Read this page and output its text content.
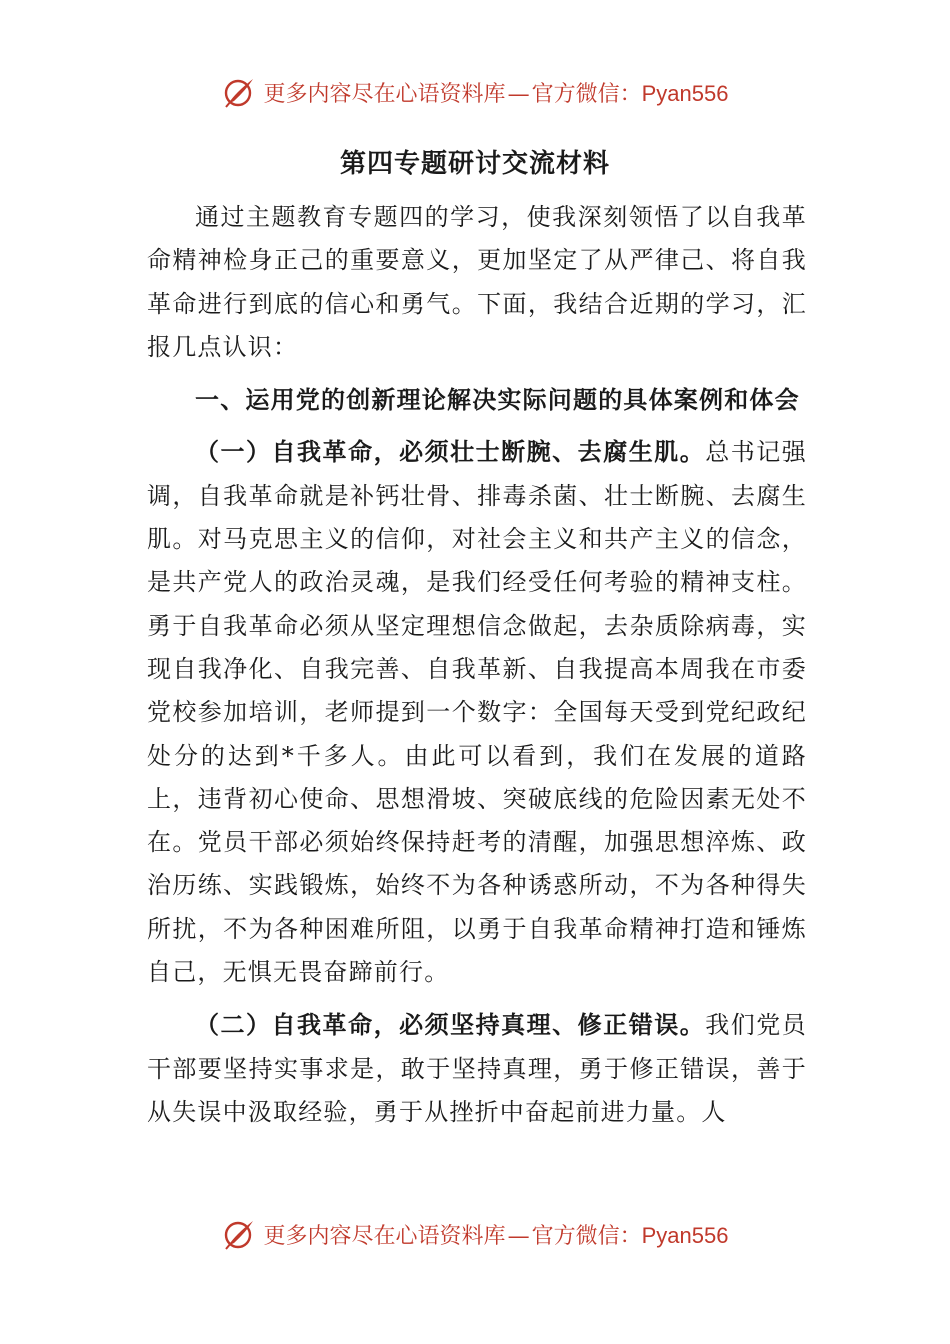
更多内容尽在心语资料库—官方微信：Pyan556
第四专题研讨交流材料

通过主题教育专题四的学习，使我深刻领悟了以自我革命精神检身正己的重要意义，更加坚定了从严律己、将自我革命进行到底的信心和勇气。下面，我结合近期的学习，汇报几点认识：

一、运用党的创新理论解决实际问题的具体案例和体会

（一）自我革命，必须壮士断腕、去腐生肌。总书记强调，自我革命就是补钙壮骨、排毒杀菌、壮士断腕、去腐生肌。对马克思主义的信仰，对社会主义和共产主义的信念，是共产党人的政治灵魂，是我们经受任何考验的精神支柱。勇于自我革命必须从坚定理想信念做起，去杂质除病毒，实现自我净化、自我完善、自我革新、自我提高本周我在市委党校参加培训，老师提到一个数字：全国每天受到党纪政纪处分的达到*千多人。由此可以看到，我们在发展的道路上，违背初心使命、思想滑坡、突破底线的危险因素无处不在。党员干部必须始终保持赶考的清醒，加强思想淬炼、政治历练、实践锻炼，始终不为各种诱惑所动，不为各种得失所扰，不为各种困难所阻，以勇于自我革命精神打造和锤炼自己，无惧无畏奋蹄前行。

（二）自我革命，必须坚持真理、修正错误。我们党员干部要坚持实事求是，敢于坚持真理，勇于修正错误，善于从失误中汲取经验，勇于从挫折中奋起前进力量。人

更多内容尽在心语资料库—官方微信：Pyan556
